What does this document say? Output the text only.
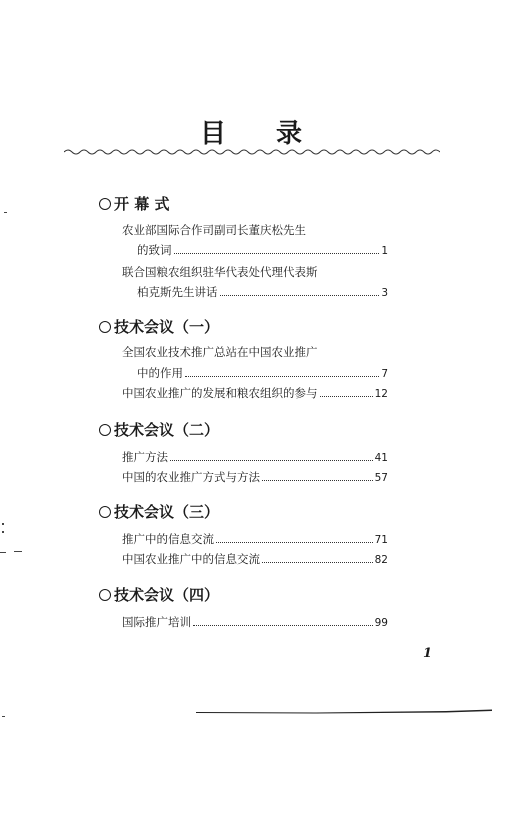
目 录
开 幕 式
农业部国际合作司副司长董庆松先生
的致词	1
联合国粮农组织驻华代表处代理代表斯
柏克斯先生讲话	3
技术会议（一）
全国农业技术推广总站在中国农业推广
中的作用	7
中国农业推广的发展和粮农组织的参与	12
技术会议（二）
推广方法	41
中国的农业推广方式与方法	57
技术会议（三）
推广中的信息交流	71
中国农业推广中的信息交流	82
技术会议（四）
国际推广培训	99
1
